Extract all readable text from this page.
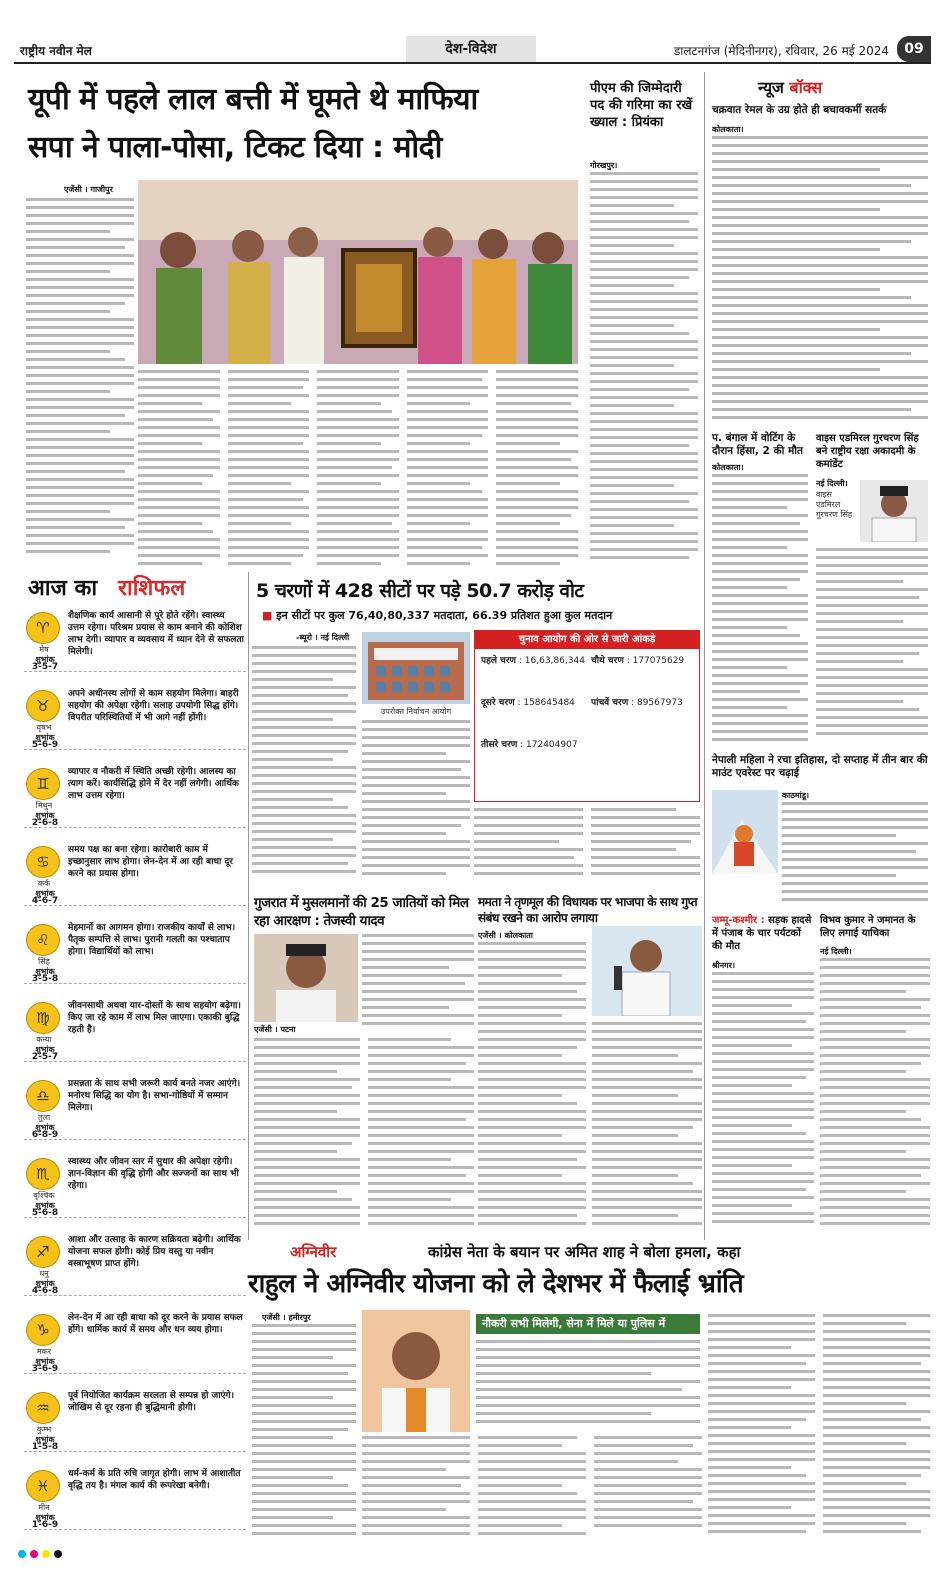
राष्ट्रीय नवीन मेल	देश-विदेश	डालटनगंज (मेदिनीनगर), रविवार, 26 मई 2024	09
यूपी में पहले लाल बत्ती में घूमते थे माफिया
सपा ने पाला-पोसा, टिकट दिया : मोदी
एजेंसी । गाजीपुर
पीएम की जिम्मेदारी पद की गरिमा का रखें ख्याल : प्रियंका
गोरखपुर।
न्यूज बॉक्स
चक्रवात रेमल के उग्र होते ही बचावकर्मी सतर्क
कोलकाता।
प. बंगाल में वोटिंग के दौरान हिंसा, 2 की मौत
कोलकाता।
वाइस एडमिरल गुरचरण सिंह बने राष्ट्रीय रक्षा अकादमी के कमांडेंट
नई दिल्ली।
वाइस एडमिरल गुरचरण सिंह
नेपाली महिला ने रचा इतिहास, दो सप्ताह में तीन बार की माउंट एवरेस्ट पर चढ़ाई
काठमांडू।
आज का राशिफल
♈
मेष
शुभांक
3-5-7
शैक्षणिक कार्य आसानी से पूरे होते रहेंगे। स्वास्थ्य उत्तम रहेगा। परिश्रम प्रयास से काम बनाने की कोशिश लाभ देगी। व्यापार व व्यवसाय में ध्यान देने से सफलता मिलेगी।
♉
वृषभ
शुभांक
5-6-9
अपने अधीनस्थ लोगों से काम सहयोग मिलेगा। बाहरी सहयोग की अपेक्षा रहेगी। सलाह उपयोगी सिद्ध होंगे। विपरीत परिस्थितियों में भी आगे नहीं होंगी।
♊
मिथुन
शुभांक
2-6-8
व्यापार व नौकरी में स्थिति अच्छी रहेगी। आलस्य का त्याग करें। कार्यसिद्धि होने में देर नहीं लगेगी। आर्थिक लाभ उत्तम रहेगा।
♋
कर्क
शुभांक
4-6-7
समय पक्ष का बना रहेगा। कारोबारी काम में इच्छानुसार लाभ होगा। लेन-देन में आ रही बाधा दूर करने का प्रयास होगा।
♌
सिंह
शुभांक
3-5-8
मेहमानों का आगमन होगा। राजकीय कार्यों से लाभ। पैतृक सम्पत्ति से लाभ। पुरानी गलती का पश्चाताप होगा। विद्यार्थियों को लाभ।
♍
कन्या
शुभांक
2-5-7
जीवनसाथी अथवा यार-दोस्तों के साथ सहयोग बढ़ेगा। किए जा रहे काम में लाभ मिल जाएगा। एकाकी बुद्धि रहती है।
♎
तुला
शुभांक
6-8-9
प्रसन्नता के साथ सभी जरूरी कार्य बनते नजर आएंगे। मनोरथ सिद्धि का योग है। सभा-गोष्ठियों में सम्मान मिलेगा।
♏
वृश्चिक
शुभांक
5-6-8
स्वास्थ्य और जीवन स्तर में सुधार की अपेक्षा रहेगी। ज्ञान-विज्ञान की वृद्धि होगी और सज्जनों का साथ भी रहेगा।
♐
धनु
शुभांक
4-6-8
आशा और उत्साह के कारण सक्रियता बढ़ेगी। आर्थिक योजना सफल होगी। कोई प्रिय वस्तु या नवीन वस्त्राभूषण प्राप्त होंगे।
♑
मकर
शुभांक
3-6-9
लेन-देन में आ रही बाधा को दूर करने के प्रयास सफल होंगे। धार्मिक कार्य में समय और धन व्यय होगा।
♒
कुम्भ
शुभांक
1-5-8
पूर्व नियोजित कार्यक्रम सरलता से सम्पन्न हो जाएंगे। जोखिम से दूर रहना ही बुद्धिमानी होगी।
♓
मीन
शुभांक
1-6-9
धर्म-कर्म के प्रति रुचि जागृत होगी। लाभ में आशातीत वृद्धि तय है। मंगल कार्य की रूपरेखा बनेगी।
5 चरणों में 428 सीटों पर पड़े 50.7 करोड़ वोट
■ इन सीटों पर कुल 76,40,80,337 मतदाता, 66.39 प्रतिशत हुआ कुल मतदान
-ब्यूरो । नई दिल्ली
उपरोक्त निर्वाचन आयोग
चुनाव आयोग की ओर से जारी आंकड़े
पहले चरण : 16,63,86,344
दूसरे चरण : 158645484
तीसरे चरण : 172404907
चौथे चरण : 177075629
पांचवें चरण : 89567973
गुजरात में मुसलमानों की 25 जातियों को मिल रहा आरक्षण : तेजस्वी यादव
एजेंसी । पटना
ममता ने तृणमूल की विधायक पर भाजपा के साथ गुप्त संबंध रखने का आरोप लगाया
एजेंसी । कोलकाता
जम्मू-कश्मीर : सड़क हादसे में पंजाब के चार पर्यटकों की मौत
श्रीनगर।
विभव कुमार ने जमानत के लिए लगाई याचिका
नई दिल्ली।
अग्निवीर	कांग्रेस नेता के बयान पर अमित शाह ने बोला हमला, कहा
राहुल ने अग्निवीर योजना को ले देशभर में फैलाई भ्रांति
एजेंसी । हमीरपुर	नौकरी सभी मिलेगी, सेना में मिले या पुलिस में
